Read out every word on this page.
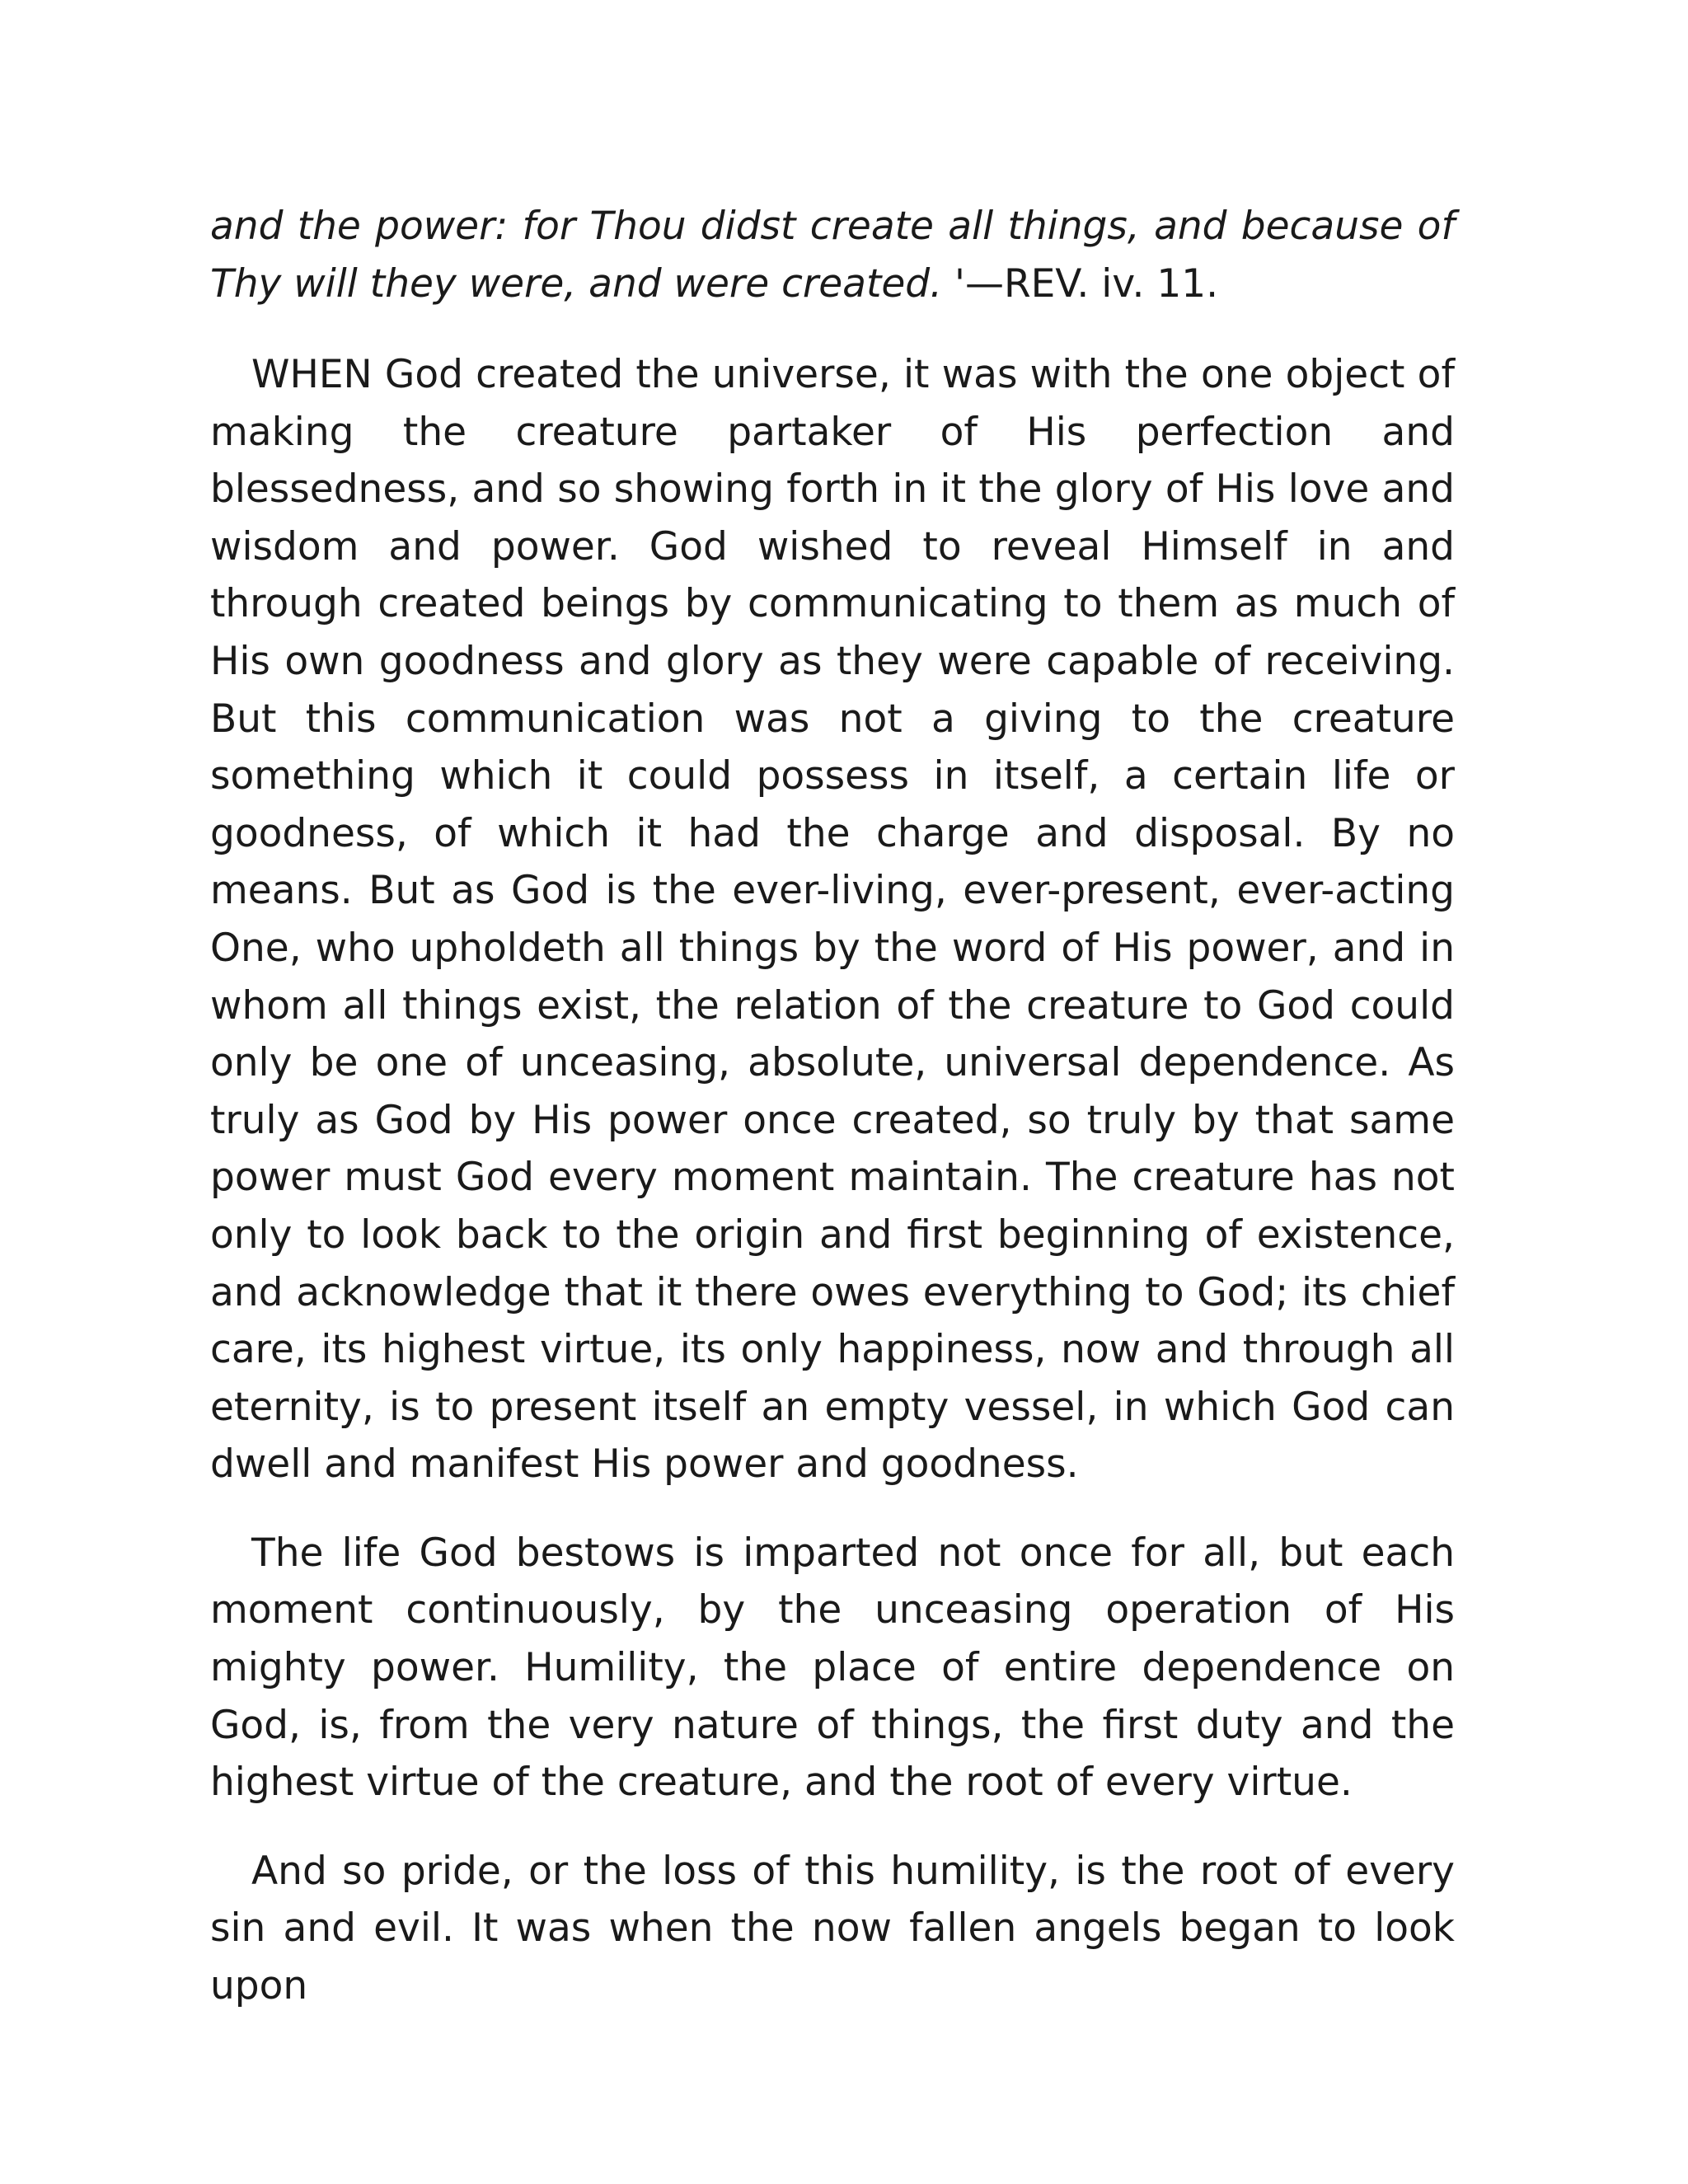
and the power: for Thou didst create all things, and because of Thy will they were, and were created. '—REV. iv. 11.

WHEN God created the universe, it was with the one object of making the creature partaker of His perfection and blessedness, and so showing forth in it the glory of His love and wisdom and power. God wished to reveal Himself in and through created beings by communicating to them as much of His own goodness and glory as they were capable of receiving. But this communication was not a giving to the creature something which it could possess in itself, a certain life or goodness, of which it had the charge and disposal. By no means. But as God is the ever-living, ever-present, ever-acting One, who upholdeth all things by the word of His power, and in whom all things exist, the relation of the creature to God could only be one of unceasing, absolute, universal dependence. As truly as God by His power once created, so truly by that same power must God every moment maintain. The creature has not only to look back to the origin and first beginning of existence, and acknowledge that it there owes everything to God; its chief care, its highest virtue, its only happiness, now and through all eternity, is to present itself an empty vessel, in which God can dwell and manifest His power and goodness.

The life God bestows is imparted not once for all, but each moment continuously, by the unceasing operation of His mighty power. Humility, the place of entire dependence on God, is, from the very nature of things, the first duty and the highest virtue of the creature, and the root of every virtue.

And so pride, or the loss of this humility, is the root of every sin and evil. It was when the now fallen angels began to look upon
